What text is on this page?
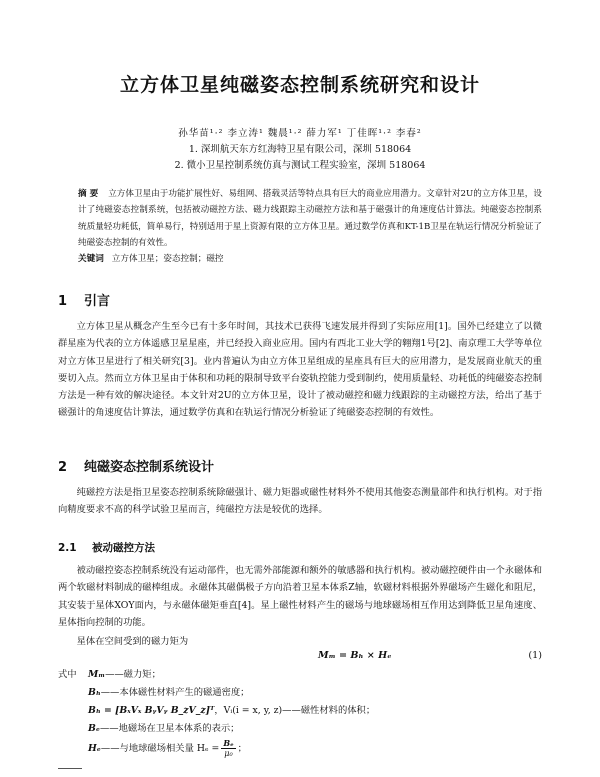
立方体卫星纯磁姿态控制系统研究和设计
孙华苗¹·² 李立涛¹ 魏晨¹·² 薛力军¹ 丁佳晖¹·² 李春²
1. 深圳航天东方红海特卫星有限公司，深圳 518064
2. 微小卫星控制系统仿真与测试工程实验室，深圳 518064
摘 要 立方体卫星由于功能扩展性好、易组网、搭载灵活等特点具有巨大的商业应用潜力。文章针对2U的立方体卫星，设计了纯磁姿态控制系统，包括被动磁控方法、磁力线跟踪主动磁控方法和基于磁强计的角速度估计算法。纯磁姿态控制系统质量轻功耗低，简单易行，特别适用于星上资源有限的立方体卫星。通过数学仿真和KT-1B卫星在轨运行情况分析验证了纯磁姿态控制的有效性。
关键词 立方体卫星；姿态控制；磁控
1 引言
立方体卫星从概念产生至今已有十多年时间，其技术已获得飞速发展并得到了实际应用[1]。国外已经建立了以微群星座为代表的立方体遥感卫星星座，并已经投入商业应用。国内有西北工业大学的翱翔1号[2]、南京理工大学等单位对立方体卫星进行了相关研究[3]。业内普遍认为由立方体卫星组成的星座具有巨大的应用潜力，是发展商业航天的重要切入点。然而立方体卫星由于体积和功耗的限制导致平台姿轨控能力受到制约，使用质量轻、功耗低的纯磁姿态控制方法是一种有效的解决途径。本文针对2U的立方体卫星，设计了被动磁控和磁力线跟踪的主动磁控方法，给出了基于磁强计的角速度估计算法，通过数学仿真和在轨运行情况分析验证了纯磁姿态控制的有效性。
2 纯磁姿态控制系统设计
纯磁控方法是指卫星姿态控制系统除磁强计、磁力矩器或磁性材料外不使用其他姿态测量部件和执行机构。对于指向精度要求不高的科学试验卫星而言，纯磁控方法是较优的选择。
2.1 被动磁控方法
被动磁控姿态控制系统没有运动部件，也无需外部能源和额外的敏感器和执行机构。被动磁控硬件由一个永磁体和两个软磁材料制成的磁棒组成。永磁体其磁偶极子方向沿着卫星本体系Z轴，软磁材料根据外界磁场产生磁化和阻尼，其安装于星体XOY面内，与永磁体磁矩垂直[4]。星上磁性材料产生的磁场与地球磁场相互作用达到降低卫星角速度、星体指向控制的功能。
星体在空间受到的磁力矩为
Mₘ = Bₕ × Hₑ	(1)
式中	Mₘ——磁力矩；
Bₕ——本体磁性材料产生的磁通密度；
Bₕ = [BₓVₓ BᵧVᵧ B_zV_z]ᵀ，Vᵢ(i = x, y, z)——磁性材料的体积；
Bₑ——地磁场在卫星本体系的表示；
Hₑ——与地球磁场相关量 $H_e = \frac{\text{Bₑ}}{\text{μ₀}}$ ；
